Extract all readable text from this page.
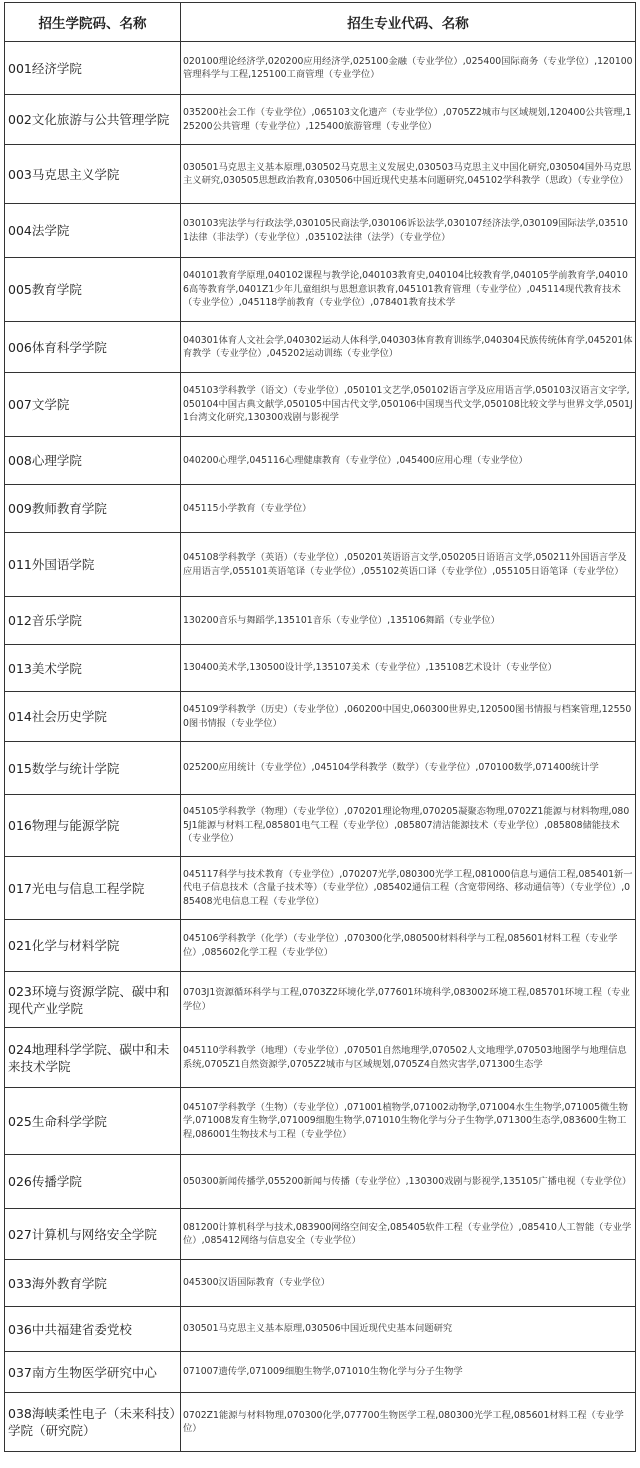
招生学院码、名称	招生专业代码、名称
001经济学院	020100理论经济学,020200应用经济学,025100金融（专业学位）,025400国际商务（专业学位）,120100管理科学与工程,125100工商管理（专业学位）
002文化旅游与公共管理学院	035200社会工作（专业学位）,065103文化遗产（专业学位）,0705Z2城市与区域规划,120400公共管理,125200公共管理（专业学位）,125400旅游管理（专业学位）
003马克思主义学院	030501马克思主义基本原理,030502马克思主义发展史,030503马克思主义中国化研究,030504国外马克思主义研究,030505思想政治教育,030506中国近现代史基本问题研究,045102学科教学（思政）（专业学位）
004法学院	030103宪法学与行政法学,030105民商法学,030106诉讼法学,030107经济法学,030109国际法学,035101法律（非法学）（专业学位）,035102法律（法学）（专业学位）
005教育学院	040101教育学原理,040102课程与教学论,040103教育史,040104比较教育学,040105学前教育学,040106高等教育学,0401Z1少年儿童组织与思想意识教育,045101教育管理（专业学位）,045114现代教育技术（专业学位）,045118学前教育（专业学位）,078401教育技术学
006体育科学学院	040301体育人文社会学,040302运动人体科学,040303体育教育训练学,040304民族传统体育学,045201体育教学（专业学位）,045202运动训练（专业学位）
007文学院	045103学科教学（语文）（专业学位）,050101文艺学,050102语言学及应用语言学,050103汉语言文字学,050104中国古典文献学,050105中国古代文学,050106中国现当代文学,050108比较文学与世界文学,0501J1台湾文化研究,130300戏剧与影视学
008心理学院	040200心理学,045116心理健康教育（专业学位）,045400应用心理（专业学位）
009教师教育学院	045115小学教育（专业学位）
011外国语学院	045108学科教学（英语）（专业学位）,050201英语语言文学,050205日语语言文学,050211外国语言学及应用语言学,055101英语笔译（专业学位）,055102英语口译（专业学位）,055105日语笔译（专业学位）
012音乐学院	130200音乐与舞蹈学,135101音乐（专业学位）,135106舞蹈（专业学位）
013美术学院	130400美术学,130500设计学,135107美术（专业学位）,135108艺术设计（专业学位）
014社会历史学院	045109学科教学（历史）（专业学位）,060200中国史,060300世界史,120500图书情报与档案管理,125500图书情报（专业学位）
015数学与统计学院	025200应用统计（专业学位）,045104学科教学（数学）（专业学位）,070100数学,071400统计学
016物理与能源学院	045105学科教学（物理）（专业学位）,070201理论物理,070205凝聚态物理,0702Z1能源与材料物理,0805J1能源与材料工程,085801电气工程（专业学位）,085807清洁能源技术（专业学位）,085808储能技术（专业学位）
017光电与信息工程学院	045117科学与技术教育（专业学位）,070207光学,080300光学工程,081000信息与通信工程,085401新一代电子信息技术（含量子技术等）（专业学位）,085402通信工程（含宽带网络、移动通信等）（专业学位）,085408光电信息工程（专业学位）
021化学与材料学院	045106学科教学（化学）（专业学位）,070300化学,080500材料科学与工程,085601材料工程（专业学位）,085602化学工程（专业学位）
023环境与资源学院、碳中和现代产业学院	0703J1资源循环科学与工程,0703Z2环境化学,077601环境科学,083002环境工程,085701环境工程（专业学位）
024地理科学学院、碳中和未来技术学院	045110学科教学（地理）（专业学位）,070501自然地理学,070502人文地理学,070503地图学与地理信息系统,0705Z1自然资源学,0705Z2城市与区域规划,0705Z4自然灾害学,071300生态学
025生命科学学院	045107学科教学（生物）（专业学位）,071001植物学,071002动物学,071004水生生物学,071005微生物学,071008发育生物学,071009细胞生物学,071010生物化学与分子生物学,071300生态学,083600生物工程,086001生物技术与工程（专业学位）
026传播学院	050300新闻传播学,055200新闻与传播（专业学位）,130300戏剧与影视学,135105广播电视（专业学位）
027计算机与网络安全学院	081200计算机科学与技术,083900网络空间安全,085405软件工程（专业学位）,085410人工智能（专业学位）,085412网络与信息安全（专业学位）
033海外教育学院	045300汉语国际教育（专业学位）
036中共福建省委党校	030501马克思主义基本原理,030506中国近现代史基本问题研究
037南方生物医学研究中心	071007遗传学,071009细胞生物学,071010生物化学与分子生物学
038海峡柔性电子（未来科技）学院（研究院）	0702Z1能源与材料物理,070300化学,077700生物医学工程,080300光学工程,085601材料工程（专业学位）
